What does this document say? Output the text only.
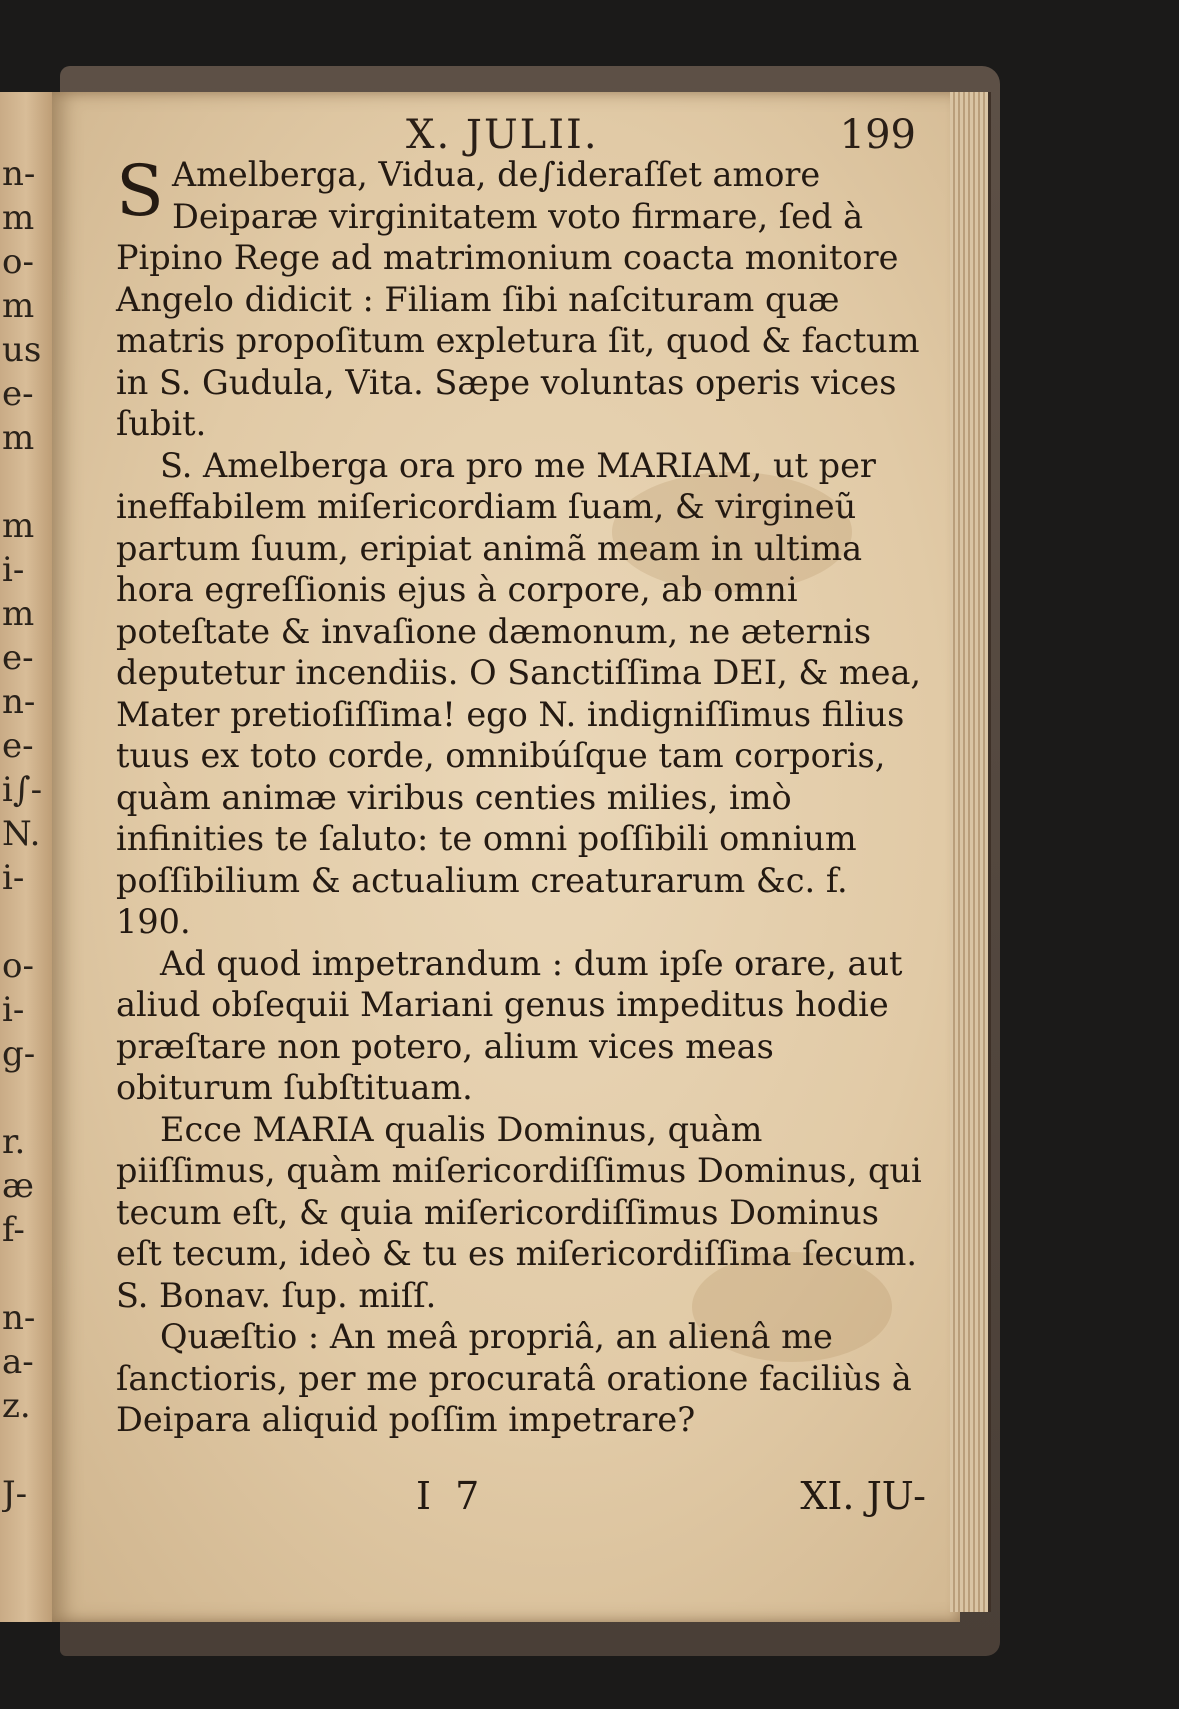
n-
m
o-
m
us
e-
m
m
i-
m
e-
n-
e-
i∫-
N.
i-
o-
i-
g-
r.
æ
f-
n-
a-
z.
J-
X. JULII.	199

S Amelberga, Vidua, de∫ideraſſet amore Deiparæ virginitatem voto firmare, ſed à Pipino Rege ad matrimonium coacta monitore Angelo didicit : Filiam ſibi naſcituram quæ matris propoſitum expletura ſit, quod & factum in S. Gudula, Vita. Sæpe voluntas operis vices ſubit.

S. Amelberga ora pro me MARIAM, ut per ineffabilem miſericordiam ſuam, & virgineũ partum ſuum, eripiat animã meam in ultima hora egreſſionis ejus à corpore, ab omni poteſtate & invaſione dæmonum, ne æternis deputetur incendiis. O Sanctiſſima DEI, & mea, Mater pretioſiſſima! ego N. indigniſſimus filius tuus ex toto corde, omnibúſque tam corporis, quàm animæ viribus centies milies, imò infinities te ſaluto: te omni poſſibili omnium poſſibilium & actualium creaturarum &c. f. 190.

Ad quod impetrandum : dum ipſe orare, aut aliud obſequii Mariani genus impeditus hodie præſtare non potero, alium vices meas obiturum ſubſtituam.

Ecce MARIA qualis Dominus, quàm piiſſimus, quàm miſericordiſſimus Dominus, qui tecum eſt, & quia miſericordiſſimus Dominus eſt tecum, ideò & tu es miſericordiſſima ſecum. S. Bonav. ſup. miſſ.

Quæſtio : An meâ propriâ, an alienâ me ſanctioris, per me procuratâ oratione faciliùs à Deipara aliquid poſſim impetrare?

I 7	XI. JU-
